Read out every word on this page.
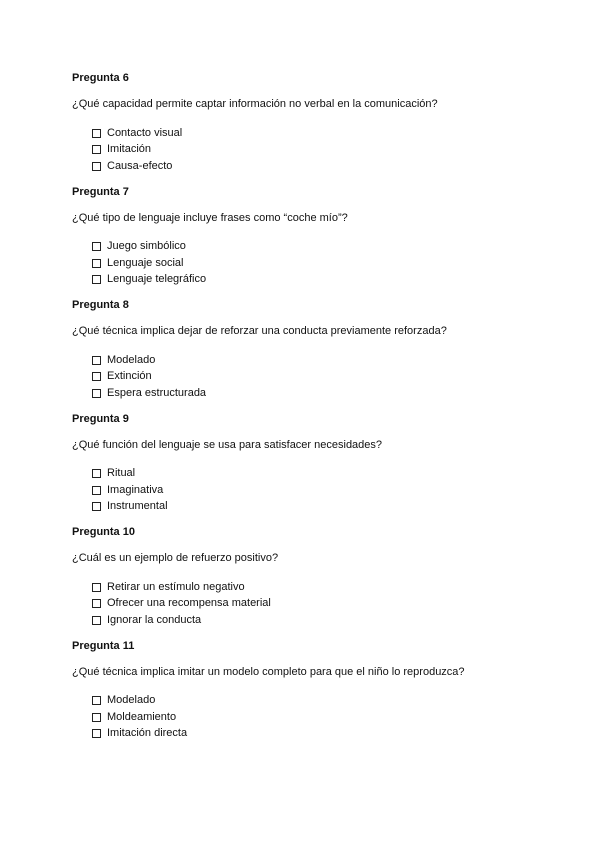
Pregunta 6
¿Qué capacidad permite captar información no verbal en la comunicación?
Contacto visual
Imitación
Causa-efecto
Pregunta 7
¿Qué tipo de lenguaje incluye frases como “coche mío”?
Juego simbólico
Lenguaje social
Lenguaje telegráfico
Pregunta 8
¿Qué técnica implica dejar de reforzar una conducta previamente reforzada?
Modelado
Extinción
Espera estructurada
Pregunta 9
¿Qué función del lenguaje se usa para satisfacer necesidades?
Ritual
Imaginativa
Instrumental
Pregunta 10
¿Cuál es un ejemplo de refuerzo positivo?
Retirar un estímulo negativo
Ofrecer una recompensa material
Ignorar la conducta
Pregunta 11
¿Qué técnica implica imitar un modelo completo para que el niño lo reproduzca?
Modelado
Moldeamiento
Imitación directa
